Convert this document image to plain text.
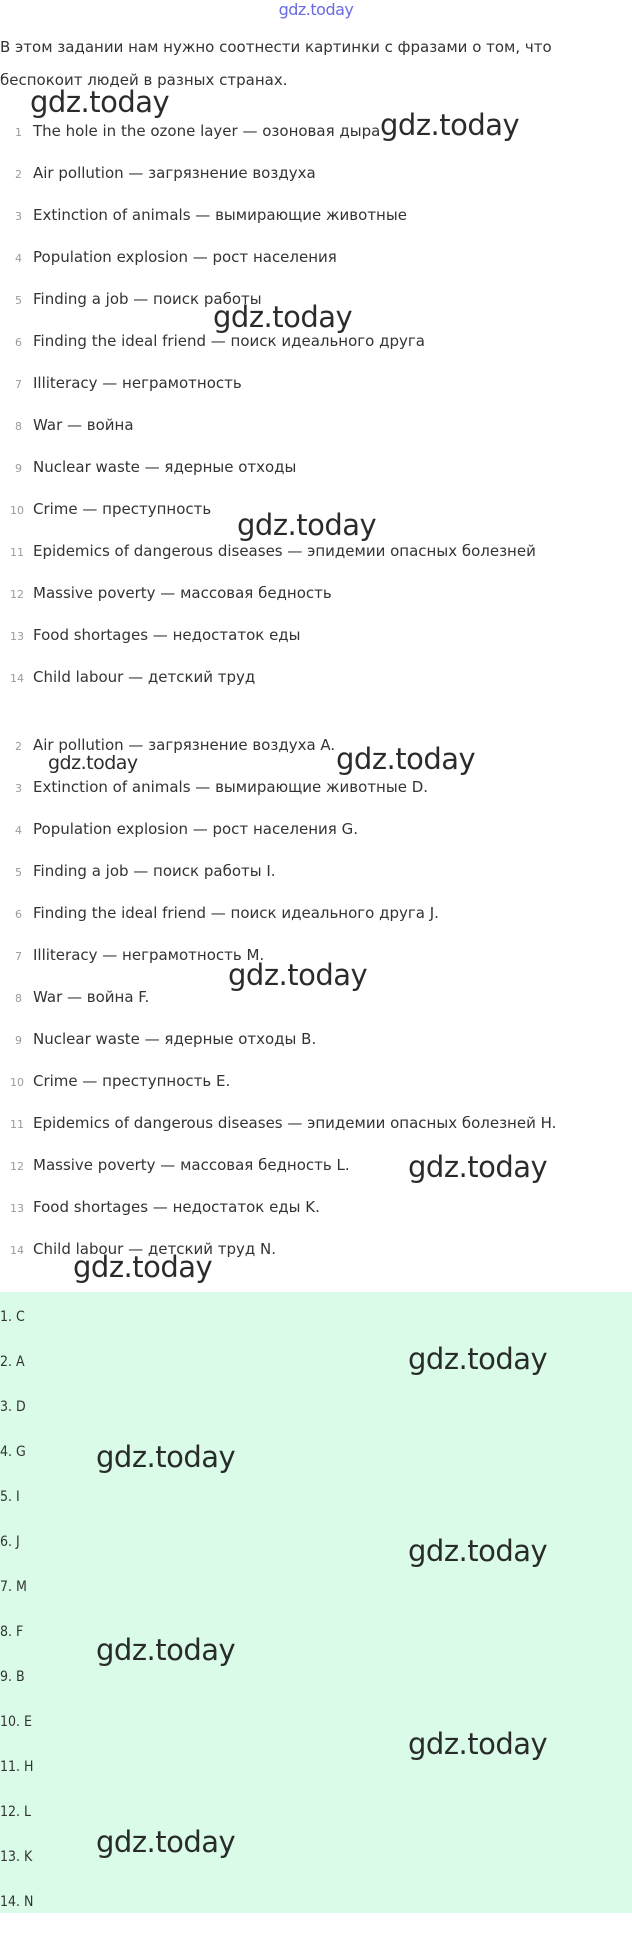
gdz.today
В этом задании нам нужно соотнести картинки с фразами о том, что
беспокоит людей в разных странах.
1 The hole in the ozone layer — озоновая дыра
2 Air pollution — загрязнение воздуха
3 Extinction of animals — вымирающие животные
4 Population explosion — рост населения
5 Finding a job — поиск работы
6 Finding the ideal friend — поиск идеального друга
7 Illiteracy — неграмотность
8 War — война
9 Nuclear waste — ядерные отходы
10 Crime — преступность
11 Epidemics of dangerous diseases — эпидемии опасных болезней
12 Massive poverty — массовая бедность
13 Food shortages — недостаток еды
14 Child labour — детский труд
2 Air pollution — загрязнение воздуха A.
3 Extinction of animals — вымирающие животные D.
4 Population explosion — рост населения G.
5 Finding a job — поиск работы I.
6 Finding the ideal friend — поиск идеального друга J.
7 Illiteracy — неграмотность M.
8 War — война F.
9 Nuclear waste — ядерные отходы B.
10 Crime — преступность E.
11 Epidemics of dangerous diseases — эпидемии опасных болезней H.
12 Massive poverty — массовая бедность L.
13 Food shortages — недостаток еды K.
14 Child labour — детский труд N.
1. C
2. A
3. D
4. G
5. I
6. J
7. M
8. F
9. B
10. E
11. H
12. L
13. K
14. N
gdz.today
gdz.today
gdz.today
gdz.today
gdz.today	gdz.today
gdz.today
gdz.today
gdz.today
gdz.today
gdz.today
gdz.today
gdz.today
gdz.today
gdz.today
